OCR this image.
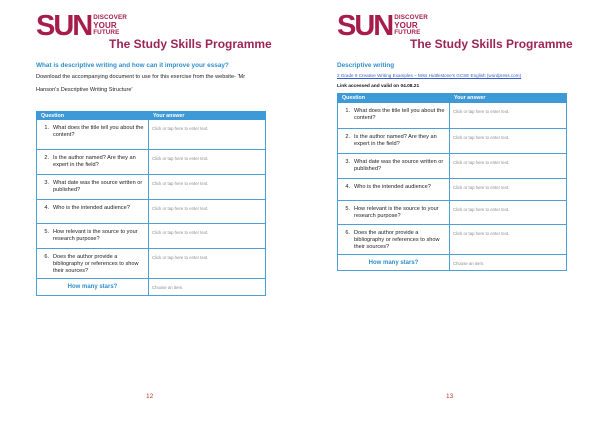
SUN DISCOVER
YOUR
FUTURE
The Study Skills Programme
What is descriptive writing and how can it improve your essay?
Download the accompanying document to use for this exercise from the website- 'Mr
Hanson's Descriptive Writing Structure'
Question	Your answer

1. What does the title tell you about the content?	Click or tap here to enter text.

2. Is the author named? Are they an expert in the field?	Click or tap here to enter text.

3. What date was the source written or published?	Click or tap here to enter text.

4. Who is the intended audience?	Click or tap here to enter text.

5. How relevant is the source to your research purpose?	Click or tap here to enter text.

6. Does the author provide a bibliography or references to show their sources?	Click or tap here to enter text.

How many stars?	Choose an item.
12
SUN DISCOVER
YOUR
FUTURE
The Study Skills Programme
Descriptive writing
2 Grade 9 Creative Writing Examples – Miss Huttlestone's GCSE English (wordpress.com)
Link accessed and valid on 04.08.21
Question	Your answer

1. What does the title tell you about the content?	Click or tap here to enter text.

2. Is the author named? Are they an expert in the field?	Click or tap here to enter text.

3. What date was the source written or published?	Click or tap here to enter text.

4. Who is the intended audience?	Click or tap here to enter text.

5. How relevant is the source to your research purpose?	Click or tap here to enter text.

6. Does the author provide a bibliography or references to show their sources?	Click or tap here to enter text.

How many stars?	Choose an item.
13
